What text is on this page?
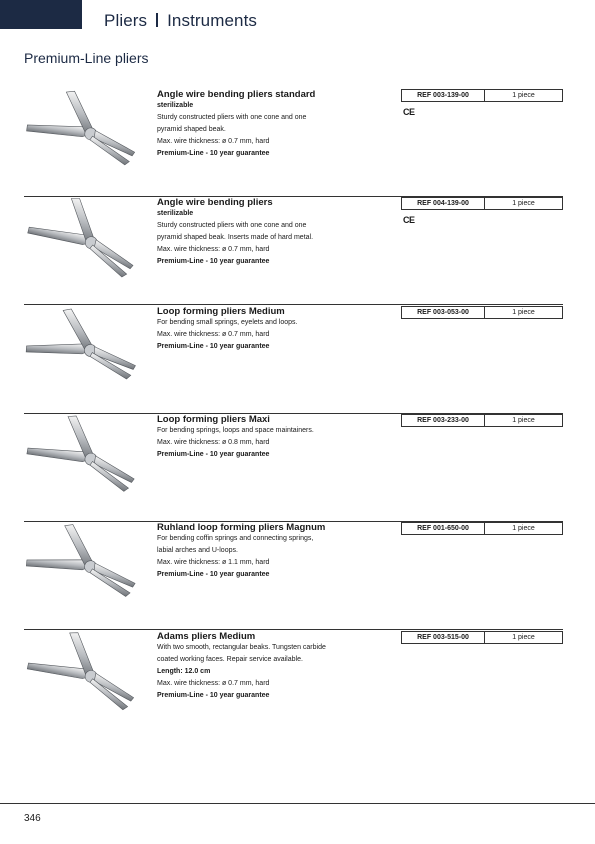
Pliers Instruments
Premium-Line pliers
Angle wire bending pliers standard
sterilizable
Sturdy constructed pliers with one cone and one
pyramid shaped beak.
Max. wire thickness: ø 0.7 mm, hard
Premium-Line - 10 year guarantee
REF 003-139-00	1 piece
CE
Angle wire bending pliers
sterilizable
Sturdy constructed pliers with one cone and one
pyramid shaped beak. Inserts made of hard metal.
Max. wire thickness: ø 0.7 mm, hard
Premium-Line - 10 year guarantee
REF 004-139-00	1 piece
CE
Loop forming pliers Medium
For bending small springs, eyelets and loops.
Max. wire thickness: ø 0.7 mm, hard
Premium-Line - 10 year guarantee
REF 003-053-00	1 piece
Loop forming pliers Maxi
For bending springs, loops and space maintainers.
Max. wire thickness: ø 0.8 mm, hard
Premium-Line - 10 year guarantee
REF 003-233-00	1 piece
Ruhland loop forming pliers Magnum
For bending coffin springs and connecting springs,
labial arches and U-loops.
Max. wire thickness: ø 1.1 mm, hard
Premium-Line - 10 year guarantee
REF 001-650-00	1 piece
Adams pliers Medium
With two smooth, rectangular beaks. Tungsten carbide
coated working faces. Repair service available.
Length: 12.0 cm
Max. wire thickness: ø 0.7 mm, hard
Premium-Line - 10 year guarantee
REF 003-515-00	1 piece
346
